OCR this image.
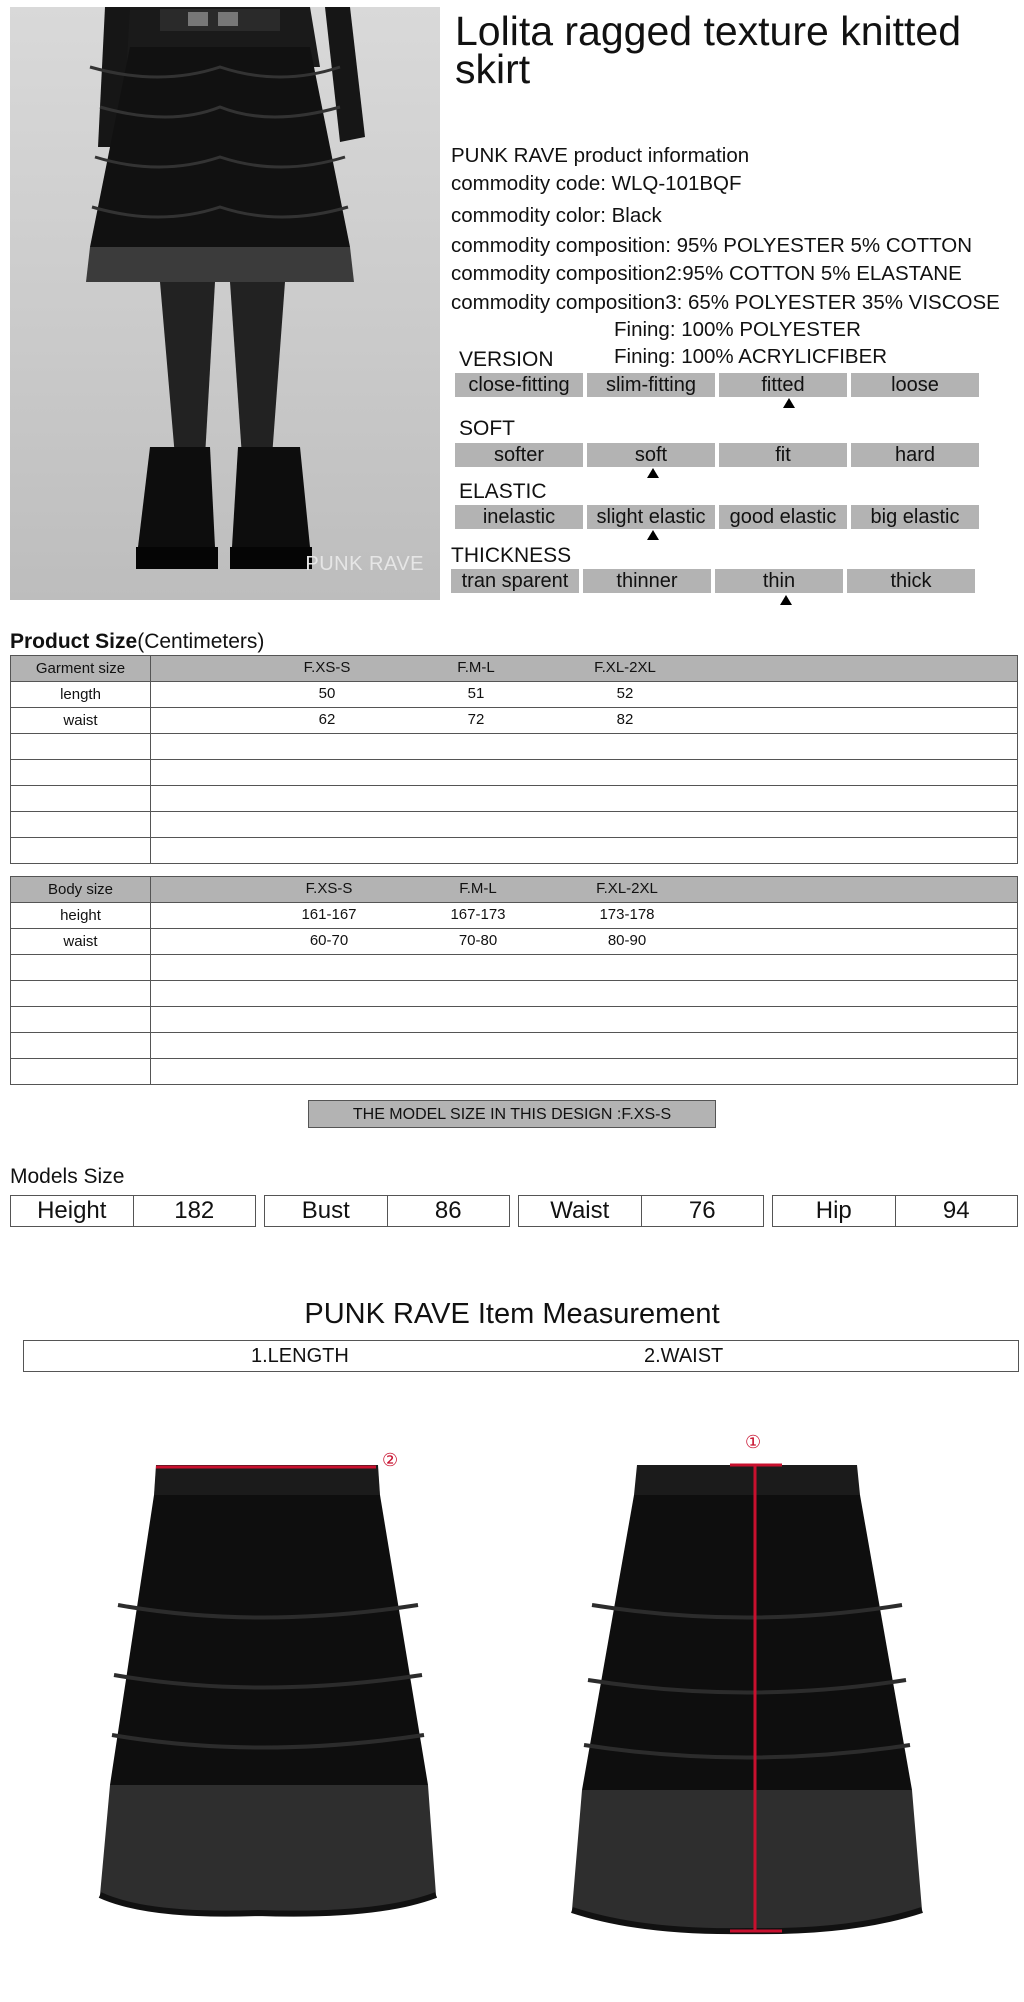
PUNK RAVE
Lolita ragged texture knitted skirt
PUNK RAVE product information
commodity code: WLQ-101BQF
commodity color: Black
commodity composition: 95% POLYESTER 5% COTTON
commodity composition2:95% COTTON 5% ELASTANE
commodity composition3: 65% POLYESTER 35% VISCOSE
Fining: 100% POLYESTER
Fining: 100% ACRYLICFIBER
VERSION
close-fitting	slim-fitting	fitted	loose
SOFT
softer	soft	fit	hard
ELASTIC
inelastic	slight elastic	good elastic	big elastic
THICKNESS
tran sparent	thinner	thin	thick
Product Size(Centimeters)
Garment size	F.XS-S F.M-L F.XL-2XL

length	50 51 52

waist	62 72 82

Body size	F.XS-S F.M-L F.XL-2XL

height	161-167 167-173 173-178

waist	60-70 70-80 80-90

THE MODEL SIZE IN THIS DESIGN :F.XS-S
Models Size
Height	182	Bust	86	Waist	76	Hip	94
PUNK RAVE Item Measurement
1.LENGTH	2.WAIST
②
①
